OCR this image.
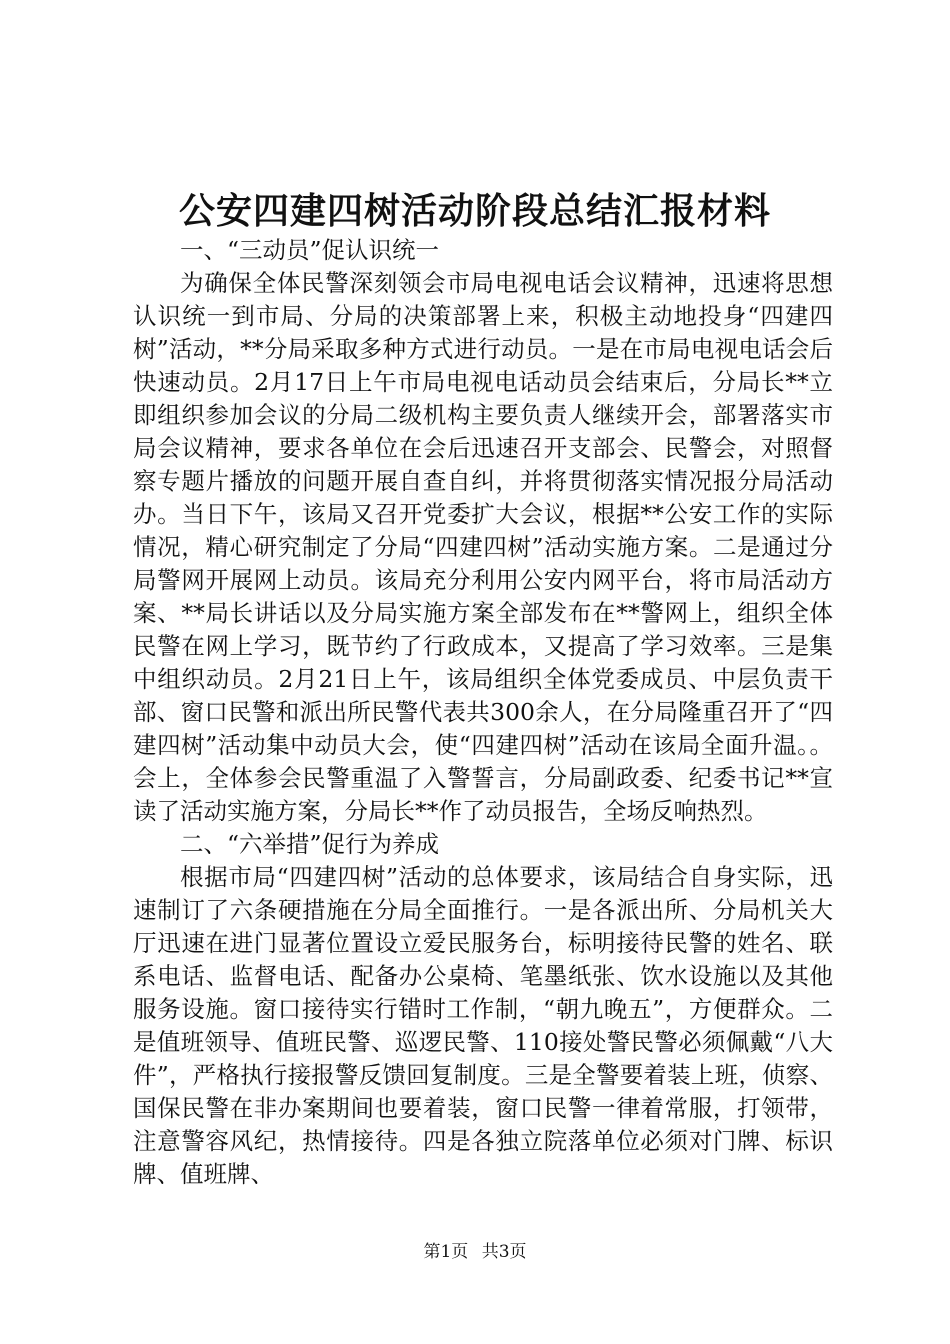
公安四建四树活动阶段总结汇报材料

一、“三动员”促认识统一

为确保全体民警深刻领会市局电视电话会议精神，迅速将思想认识统一到市局、分局的决策部署上来，积极主动地投身“四建四树”活动，**分局采取多种方式进行动员。一是在市局电视电话会后快速动员。2月17日上午市局电视电话动员会结束后，分局长**立即组织参加会议的分局二级机构主要负责人继续开会，部署落实市局会议精神，要求各单位在会后迅速召开支部会、民警会，对照督察专题片播放的问题开展自查自纠，并将贯彻落实情况报分局活动办。当日下午，该局又召开党委扩大会议，根据**公安工作的实际情况，精心研究制定了分局“四建四树”活动实施方案。二是通过分局警网开展网上动员。该局充分利用公安内网平台，将市局活动方案、**局长讲话以及分局实施方案全部发布在**警网上，组织全体民警在网上学习，既节约了行政成本，又提高了学习效率。三是集中组织动员。2月21日上午，该局组织全体党委成员、中层负责干部、窗口民警和派出所民警代表共300余人，在分局隆重召开了“四建四树”活动集中动员大会，使“四建四树”活动在该局全面升温。。会上，全体参会民警重温了入警誓言，分局副政委、纪委书记**宣读了活动实施方案，分局长**作了动员报告，全场反响热烈。

二、“六举措”促行为养成

根据市局“四建四树”活动的总体要求，该局结合自身实际，迅速制订了六条硬措施在分局全面推行。一是各派出所、分局机关大厅迅速在进门显著位置设立爱民服务台，标明接待民警的姓名、联系电话、监督电话、配备办公桌椅、笔墨纸张、饮水设施以及其他服务设施。窗口接待实行错时工作制，“朝九晚五”，方便群众。二是值班领导、值班民警、巡逻民警、110接处警民警必须佩戴“八大件”，严格执行接报警反馈回复制度。三是全警要着装上班，侦察、国保民警在非办案期间也要着装，窗口民警一律着常服，打领带，注意警容风纪，热情接待。四是各独立院落单位必须对门牌、标识牌、值班牌、

第1页 共3页
